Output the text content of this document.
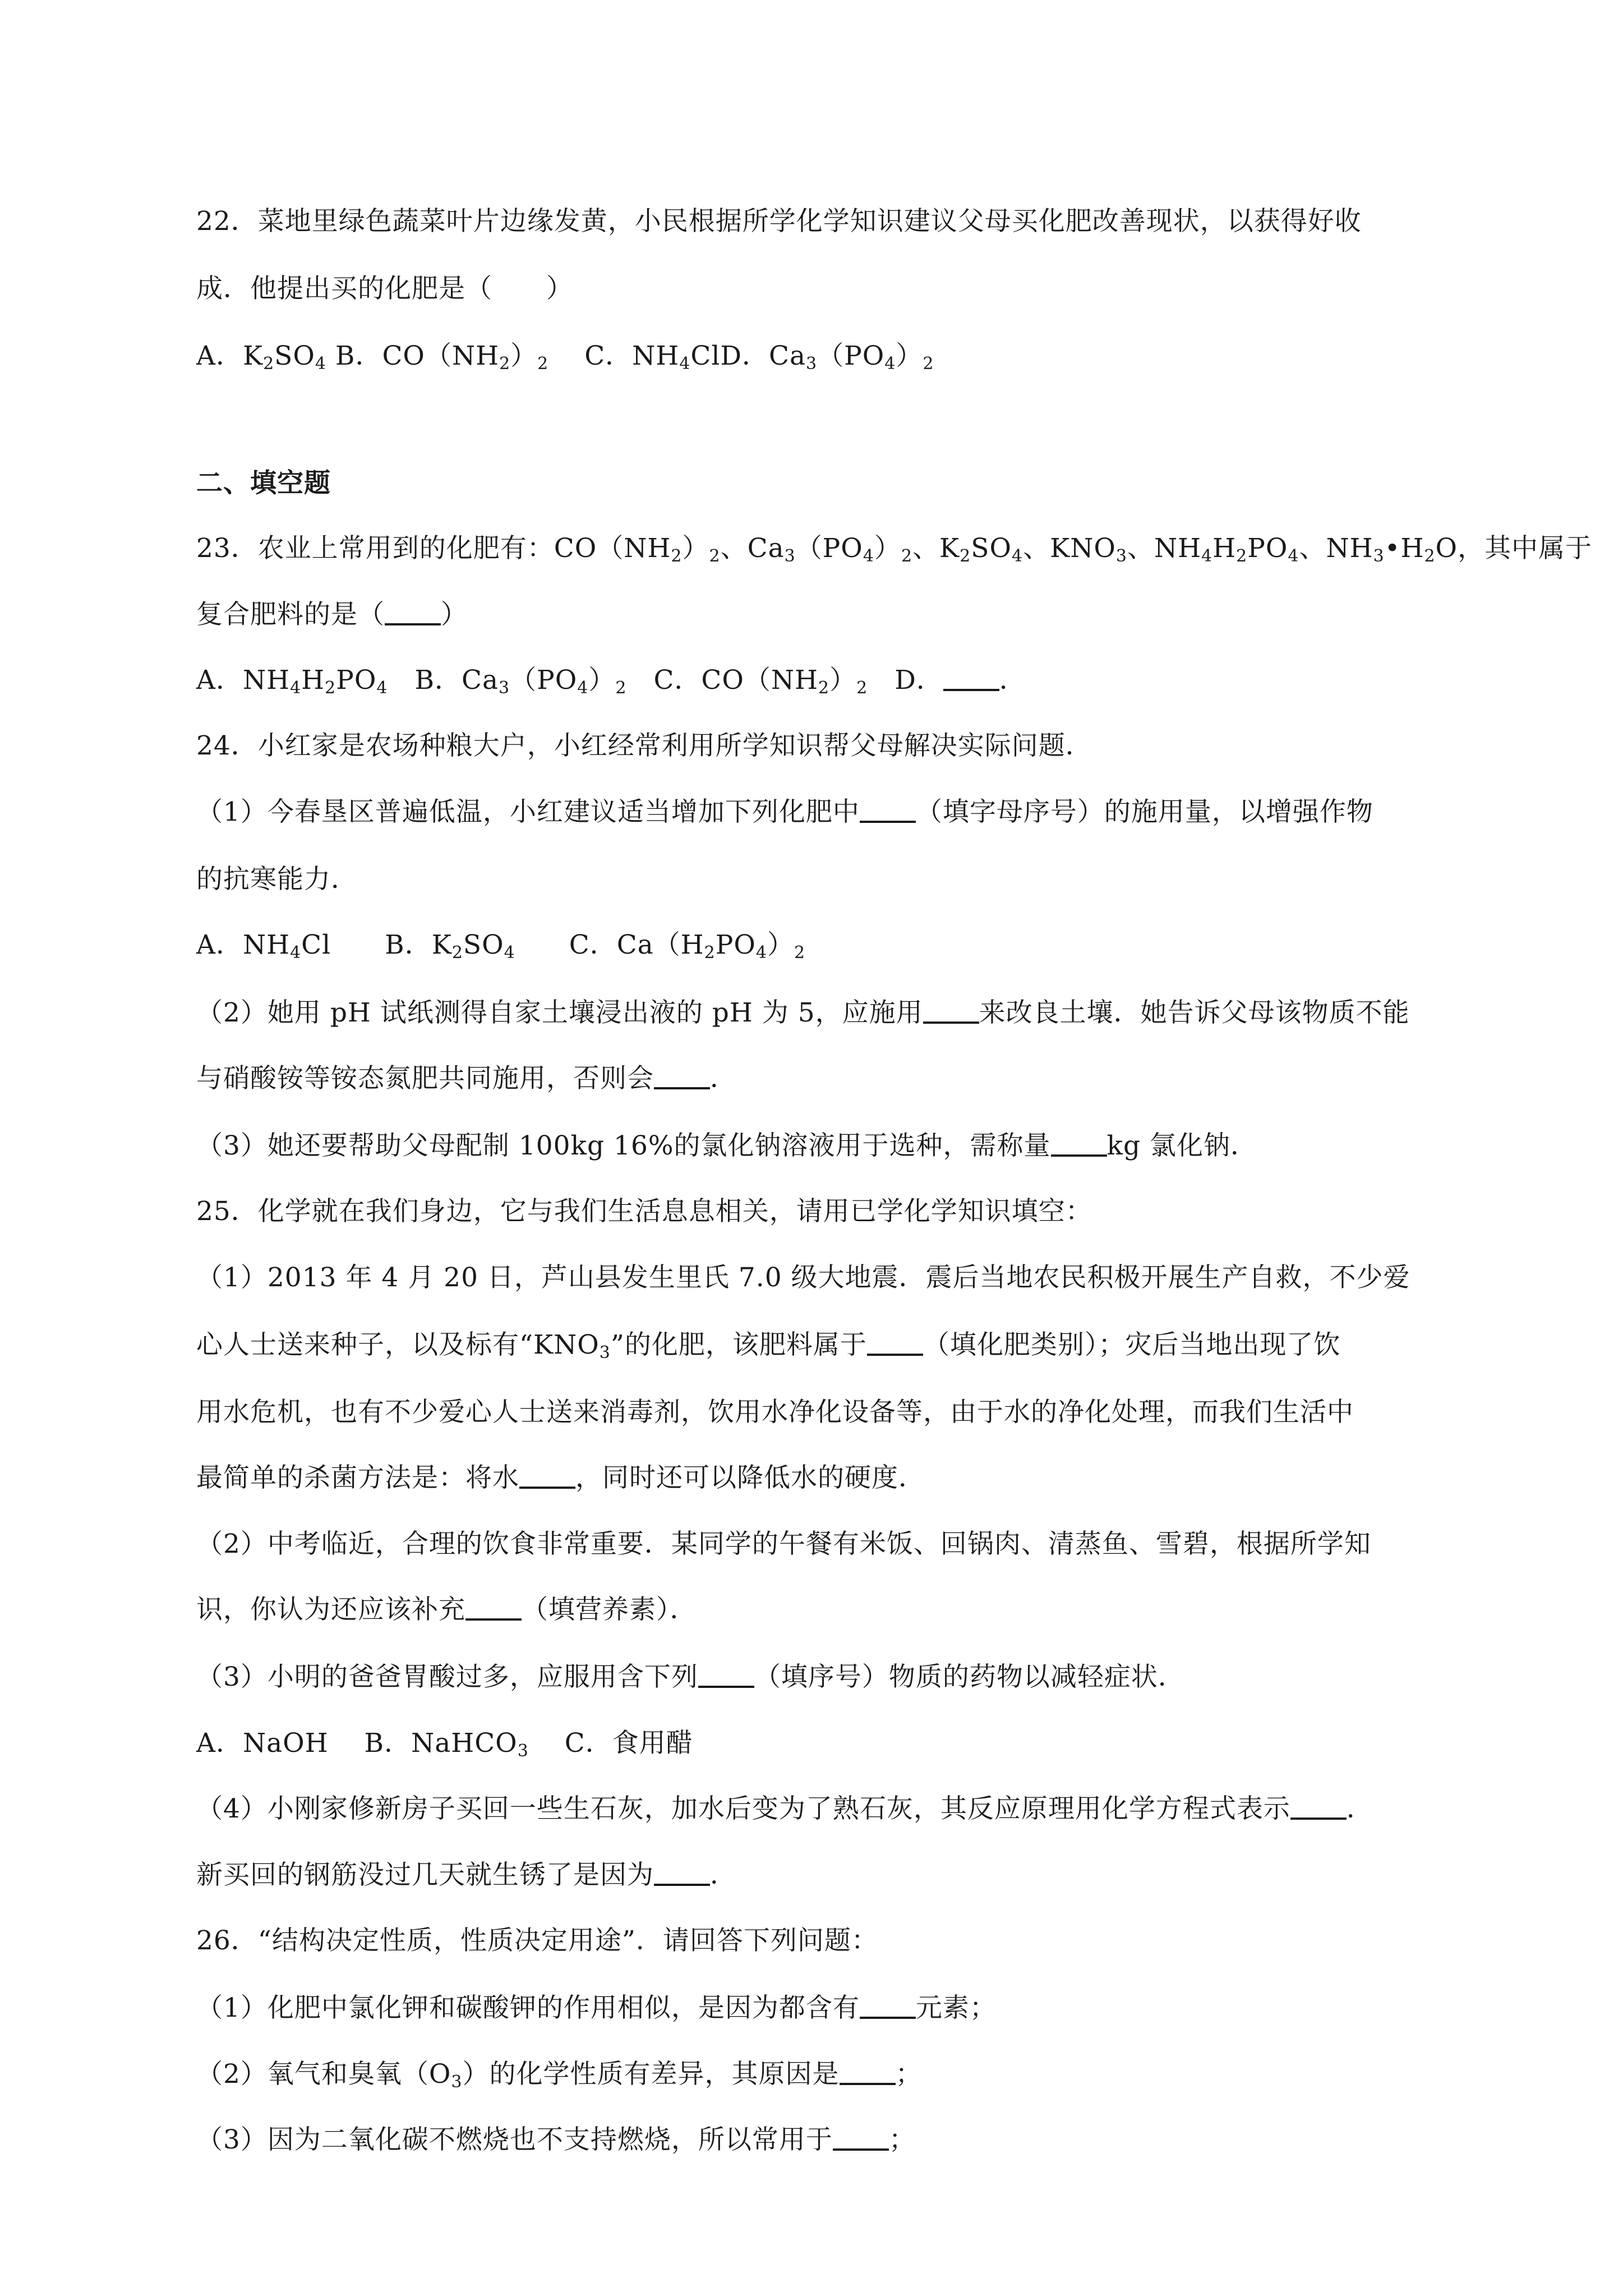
22．菜地里绿色蔬菜叶片边缘发黄，小民根据所学化学知识建议父母买化肥改善现状，以获得好收
成．他提出买的化肥是（　　）
A．$K_2SO_4$ B．$CO(NH_2)_2$　 C．$NH_4ClD$．$Ca_3(PO_4)_2$
二、填空题
23．农业上常用到的化肥有：$CO(NH_2)_2$、$Ca_3(PO_4)_2$、$K_2SO_4$、$KNO_3$、$NH_4H_2PO_4$、$NH_3•H_2O$，其中属于
复合肥料的是（ ）
A．$NH_4H_2PO_4$　B．$Ca_3(PO_4)_2$　C．$CO(NH_2)_2$　D． ．
24．小红家是农场种粮大户，小红经常利用所学知识帮父母解决实际问题．
（1）今春垦区普遍低温，小红建议适当增加下列化肥中 （填字母序号）的施用量，以增强作物
的抗寒能力．
A．$NH_4Cl$　　B．$K_2SO_4$　　C．$Ca(H_2PO_4)_2$
（2）她用 pH 试纸测得自家土壤浸出液的 pH 为 5，应施用 来改良土壤．她告诉父母该物质不能
与硝酸铵等铵态氮肥共同施用，否则会 ．
（3）她还要帮助父母配制 100kg 16%的氯化钠溶液用于选种，需称量 kg 氯化钠．
25．化学就在我们身边，它与我们生活息息相关，请用已学化学知识填空：
（1）2013 年 4 月 20 日，芦山县发生里氏 7.0 级大地震．震后当地农民积极开展生产自救，不少爱
心人士送来种子，以及标有“$KNO_3$”的化肥，该肥料属于 （填化肥类别）；灾后当地出现了饮
用水危机，也有不少爱心人士送来消毒剂，饮用水净化设备等，由于水的净化处理，而我们生活中
最简单的杀菌方法是：将水 ，同时还可以降低水的硬度．
（2）中考临近，合理的饮食非常重要．某同学的午餐有米饭、回锅肉、清蒸鱼、雪碧，根据所学知
识，你认为还应该补充 （填营养素）．
（3）小明的爸爸胃酸过多，应服用含下列 （填序号）物质的药物以减轻症状．
A．NaOH　 B．NaHCO$_3$　 C．食用醋
（4）小刚家修新房子买回一些生石灰，加水后变为了熟石灰，其反应原理用化学方程式表示 ．
新买回的钢筋没过几天就生锈了是因为 ．
26．“结构决定性质，性质决定用途”．请回答下列问题：
（1）化肥中氯化钾和碳酸钾的作用相似，是因为都含有 元素；
（2）氧气和臭氧$(O_3)$的化学性质有差异，其原因是 ；
（3）因为二氧化碳不燃烧也不支持燃烧，所以常用于 ；
